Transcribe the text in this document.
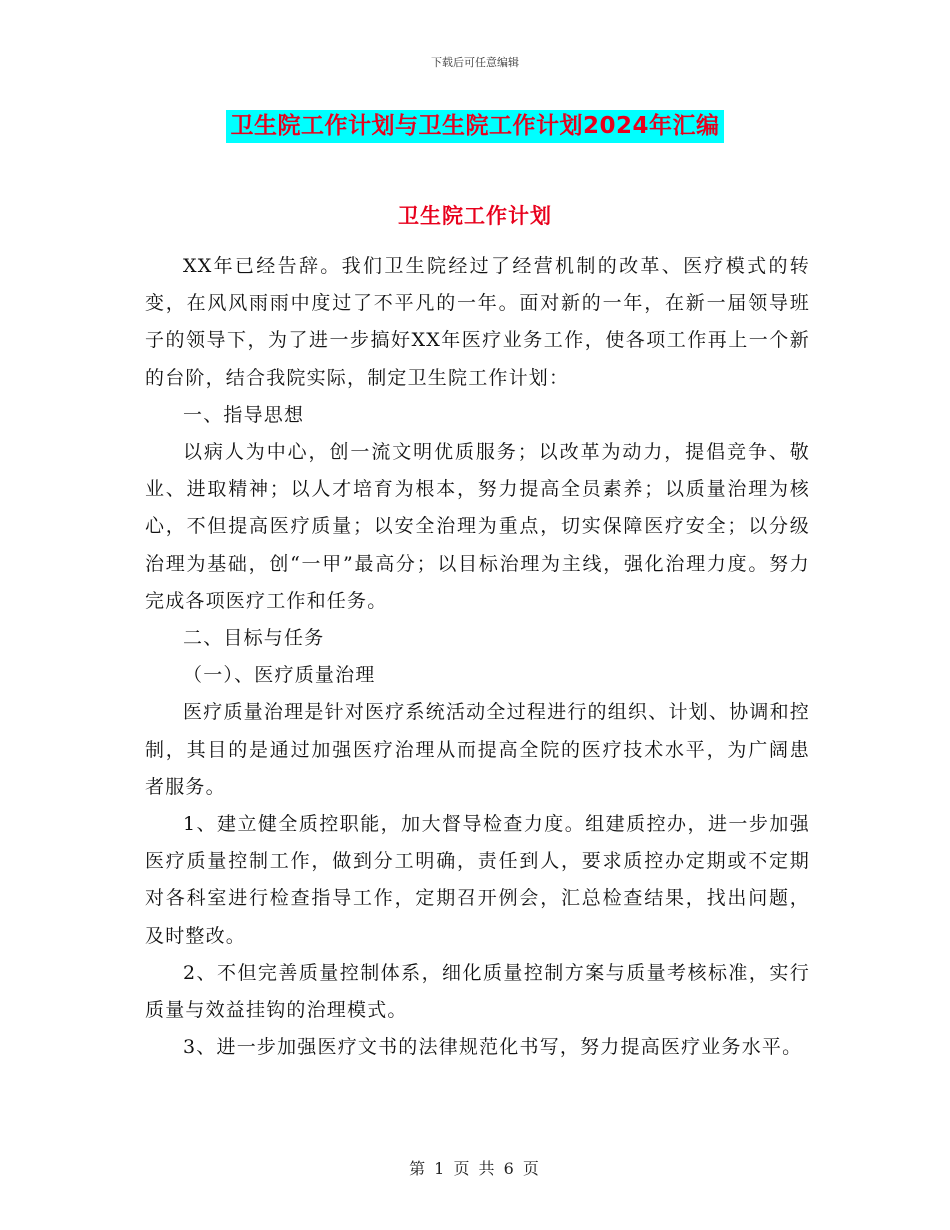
下载后可任意编辑
卫生院工作计划与卫生院工作计划2024年汇编
卫生院工作计划

XX年已经告辞。我们卫生院经过了经营机制的改革、医疗模式的转变，在风风雨雨中度过了不平凡的一年。面对新的一年，在新一届领导班子的领导下，为了进一步搞好XX年医疗业务工作，使各项工作再上一个新的台阶，结合我院实际，制定卫生院工作计划：

一、指导思想

以病人为中心，创一流文明优质服务；以改革为动力，提倡竞争、敬业、进取精神；以人才培育为根本，努力提高全员素养；以质量治理为核心，不但提高医疗质量；以安全治理为重点，切实保障医疗安全；以分级治理为基础，创“一甲”最高分；以目标治理为主线，强化治理力度。努力完成各项医疗工作和任务。

二、目标与任务

（一）、医疗质量治理

医疗质量治理是针对医疗系统活动全过程进行的组织、计划、协调和控制，其目的是通过加强医疗治理从而提高全院的医疗技术水平，为广阔患者服务。

1、建立健全质控职能，加大督导检查力度。组建质控办，进一步加强医疗质量控制工作，做到分工明确，责任到人，要求质控办定期或不定期对各科室进行检查指导工作，定期召开例会，汇总检查结果，找出问题，及时整改。

2、不但完善质量控制体系，细化质量控制方案与质量考核标准，实行质量与效益挂钩的治理模式。

3、进一步加强医疗文书的法律规范化书写，努力提高医疗业务水平。

第 1 页 共 6 页
